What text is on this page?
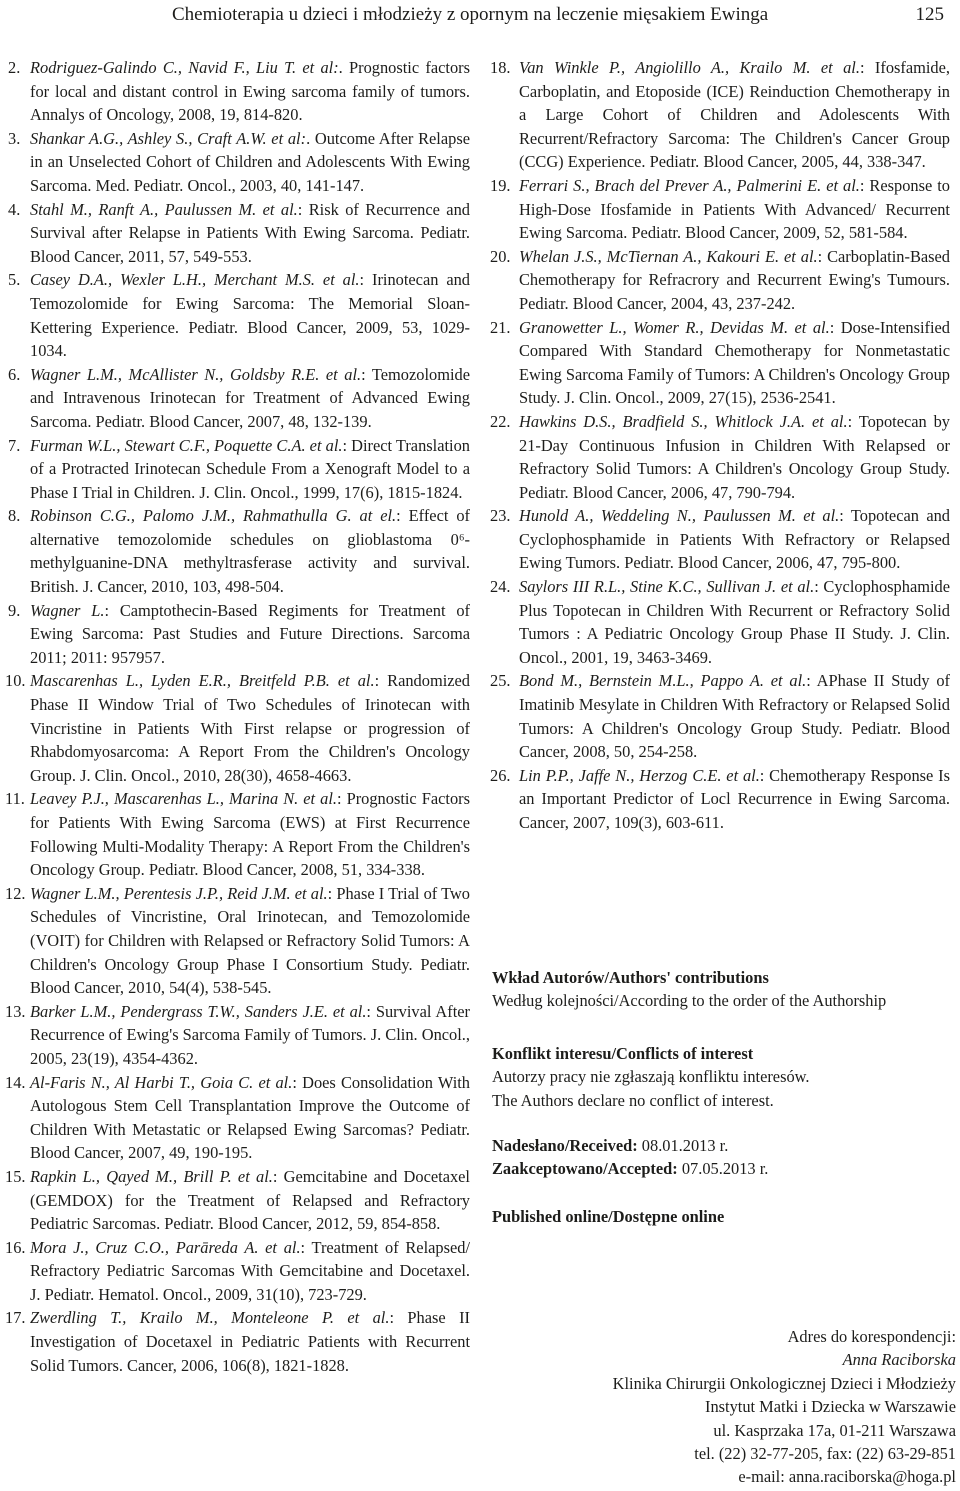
Chemioterapia u dzieci i młodzieży z opornym na leczenie mięsakiem Ewinga	125
2. Rodriguez-Galindo C., Navid F., Liu T. et al:. Prognostic factors for local and distant control in Ewing sarcoma family of tumors. Annalys of Oncology, 2008, 19, 814-820.
3. Shankar A.G., Ashley S., Craft A.W. et al:. Outcome After Relapse in an Unselected Cohort of Children and Adolescents With Ewing Sarcoma. Med. Pediatr. Oncol., 2003, 40, 141-147.
4. Stahl M., Ranft A., Paulussen M. et al.: Risk of Recurrence and Survival after Relapse in Patients With Ewing Sarcoma. Pediatr. Blood Cancer, 2011, 57, 549-553.
5. Casey D.A., Wexler L.H., Merchant M.S. et al.: Irinotecan and Temozolomide for Ewing Sarcoma: The Memorial Sloan-Kettering Experience. Pediatr. Blood Cancer, 2009, 53, 1029-1034.
6. Wagner L.M., McAllister N., Goldsby R.E. et al.: Temozolomide and Intravenous Irinotecan for Treatment of Advanced Ewing Sarcoma. Pediatr. Blood Cancer, 2007, 48, 132-139.
7. Furman W.L., Stewart C.F., Poquette C.A. et al.: Direct Translation of a Protracted Irinotecan Schedule From a Xenograft Model to a Phase I Trial in Children. J. Clin. Oncol., 1999, 17(6), 1815-1824.
8. Robinson C.G., Palomo J.M., Rahmathulla G. at el.: Effect of alternative temozolomide schedules on glioblastoma 0⁶-methylguanine-DNA methyltrasferase activity and survival. British. J. Cancer, 2010, 103, 498-504.
9. Wagner L.: Camptothecin-Based Regiments for Treatment of Ewing Sarcoma: Past Studies and Future Directions. Sarcoma 2011; 2011: 957957.
10. Mascarenhas L., Lyden E.R., Breitfeld P.B. et al.: Randomized Phase II Window Trial of Two Schedules of Irinotecan with Vincristine in Patients With First relapse or progression of Rhabdomyosarcoma: A Report From the Children's Oncology Group. J. Clin. Oncol., 2010, 28(30), 4658-4663.
11. Leavey P.J., Mascarenhas L., Marina N. et al.: Prognostic Factors for Patients With Ewing Sarcoma (EWS) at First Recurrence Following Multi-Modality Therapy: A Report From the Children's Oncology Group. Pediatr. Blood Cancer, 2008, 51, 334-338.
12. Wagner L.M., Perentesis J.P., Reid J.M. et al.: Phase I Trial of Two Schedules of Vincristine, Oral Irinotecan, and Temozolomide (VOIT) for Children with Relapsed or Refractory Solid Tumors: A Children's Oncology Group Phase I Consortium Study. Pediatr. Blood Cancer, 2010, 54(4), 538-545.
13. Barker L.M., Pendergrass T.W., Sanders J.E. et al.: Survival After Recurrence of Ewing's Sarcoma Family of Tumors. J. Clin. Oncol., 2005, 23(19), 4354-4362.
14. Al-Faris N., Al Harbi T., Goia C. et al.: Does Consolidation With Autologous Stem Cell Transplantation Improve the Outcome of Children With Metastatic or Relapsed Ewing Sarcomas? Pediatr. Blood Cancer, 2007, 49, 190-195.
15. Rapkin L., Qayed M., Brill P. et al.: Gemcitabine and Docetaxel (GEMDOX) for the Treatment of Relapsed and Refractory Pediatric Sarcomas. Pediatr. Blood Cancer, 2012, 59, 854-858.
16. Mora J., Cruz C.O., Parāreda A. et al.: Treatment of Relapsed/ Refractory Pediatric Sarcomas With Gemcitabine and Docetaxel. J. Pediatr. Hematol. Oncol., 2009, 31(10), 723-729.
17. Zwerdling T., Krailo M., Monteleone P. et al.: Phase II Investigation of Docetaxel in Pediatric Patients with Recurrent Solid Tumors. Cancer, 2006, 106(8), 1821-1828.
18. Van Winkle P., Angiolillo A., Krailo M. et al.: Ifosfamide, Carboplatin, and Etoposide (ICE) Reinduction Chemotherapy in a Large Cohort of Children and Adolescents With Recurrent/Refractory Sarcoma: The Children's Cancer Group (CCG) Experience. Pediatr. Blood Cancer, 2005, 44, 338-347.
19. Ferrari S., Brach del Prever A., Palmerini E. et al.: Response to High-Dose Ifosfamide in Patients With Advanced/ Recurrent Ewing Sarcoma. Pediatr. Blood Cancer, 2009, 52, 581-584.
20. Whelan J.S., McTiernan A., Kakouri E. et al.: Carboplatin-Based Chemotherapy for Refracrory and Recurrent Ewing's Tumours. Pediatr. Blood Cancer, 2004, 43, 237-242.
21. Granowetter L., Womer R., Devidas M. et al.: Dose-Intensified Compared With Standard Chemotherapy for Nonmetastatic Ewing Sarcoma Family of Tumors: A Children's Oncology Group Study. J. Clin. Oncol., 2009, 27(15), 2536-2541.
22. Hawkins D.S., Bradfield S., Whitlock J.A. et al.: Topotecan by 21-Day Continuous Infusion in Children With Relapsed or Refractory Solid Tumors: A Children's Oncology Group Study. Pediatr. Blood Cancer, 2006, 47, 790-794.
23. Hunold A., Weddeling N., Paulussen M. et al.: Topotecan and Cyclophosphamide in Patients With Refractory or Relapsed Ewing Tumors. Pediatr. Blood Cancer, 2006, 47, 795-800.
24. Saylors III R.L., Stine K.C., Sullivan J. et al.: Cyclophosphamide Plus Topotecan in Children With Recurrent or Refractory Solid Tumors : A Pediatric Oncology Group Phase II Study. J. Clin. Oncol., 2001, 19, 3463-3469.
25. Bond M., Bernstein M.L., Pappo A. et al.: APhase II Study of Imatinib Mesylate in Children With Refractory or Relapsed Solid Tumors: A Children's Oncology Group Study. Pediatr. Blood Cancer, 2008, 50, 254-258.
26. Lin P.P., Jaffe N., Herzog C.E. et al.: Chemotherapy Response Is an Important Predictor of Locl Recurrence in Ewing Sarcoma. Cancer, 2007, 109(3), 603-611.
Wkład Autorów/Authors' contributions
Według kolejności/According to the order of the Authorship
Konflikt interesu/Conflicts of interest
Autorzy pracy nie zgłaszają konfliktu interesów.
The Authors declare no conflict of interest.
Nadesłano/Received: 08.01.2013 r.
Zaakceptowano/Accepted: 07.05.2013 r.
Published online/Dostępne online
Adres do korespondencji:
Anna Raciborska
Klinika Chirurgii Onkologicznej Dzieci i Młodzieży
Instytut Matki i Dziecka w Warszawie
ul. Kasprzaka 17a, 01-211 Warszawa
tel. (22) 32-77-205, fax: (22) 63-29-851
e-mail: anna.raciborska@hoga.pl
